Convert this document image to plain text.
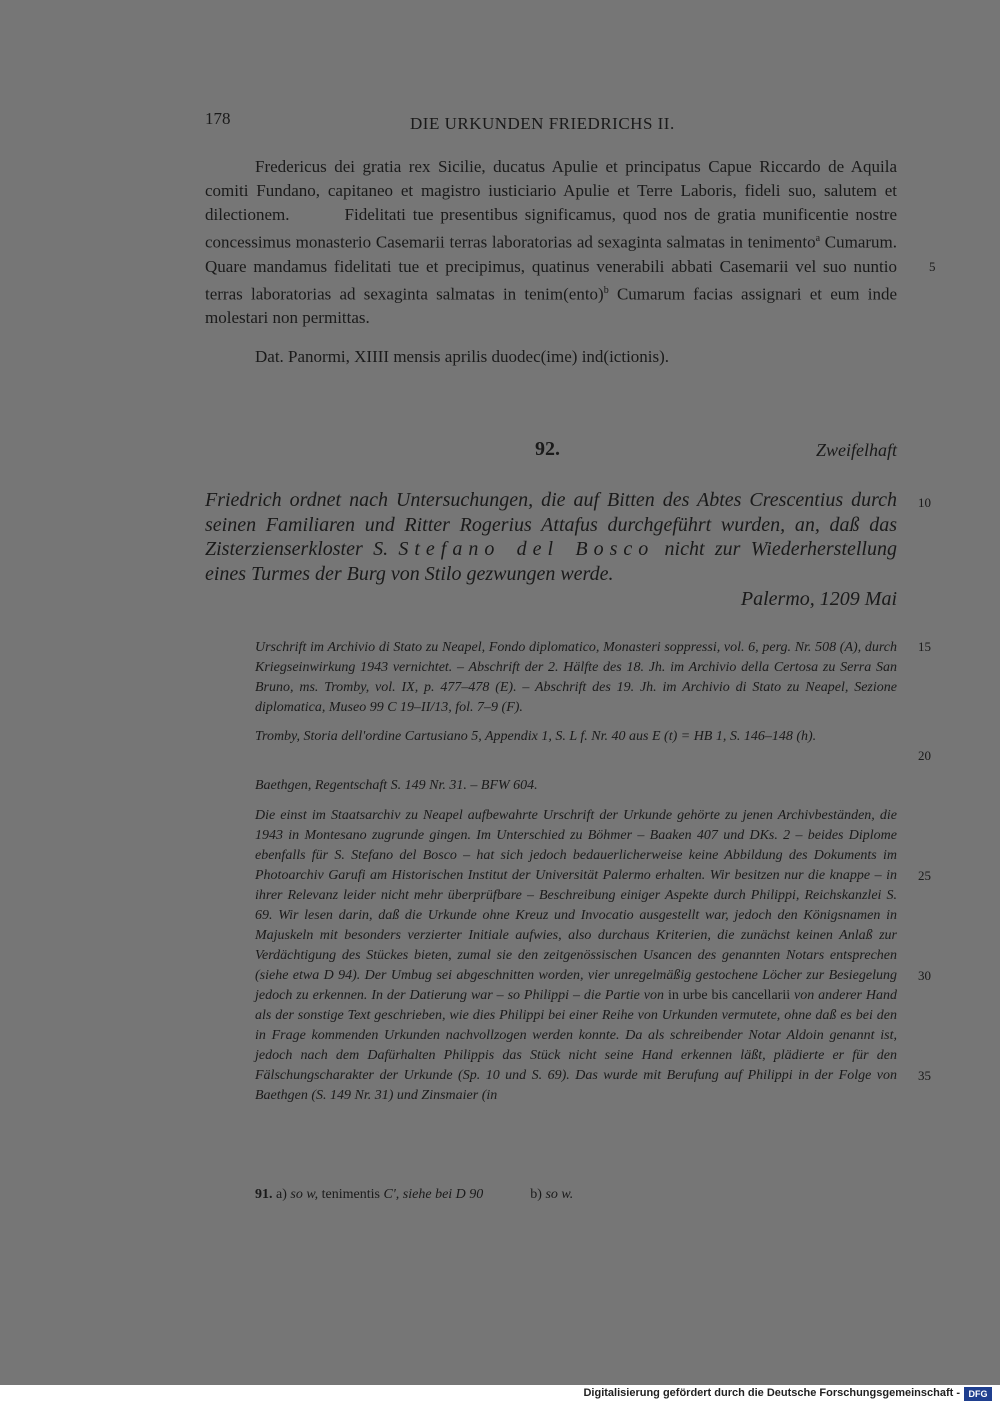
178	DIE URKUNDEN FRIEDRICHS II.

Fredericus dei gratia rex Sicilie, ducatus Apulie et principatus Capue Riccardo de Aquila comiti Fundano, capitaneo et magistro iusticiario Apulie et Terre Laboris, fideli suo, salutem et dilectionem.	Fidelitati tue presentibus significamus, quod nos de gratia munificentie nostre concessimus monasterio Casemarii terras laboratorias ad sexaginta salmatas in tenimento$^a$ Cumarum. Quare mandamus fidelitati tue et precipimus, quatinus venerabili abbati Casemarii vel suo nuntio terras laboratorias ad sexaginta salmatas in tenim(ento)$^b$ Cumarum facias assignari et eum inde molestari non permittas.

Dat. Panormi, XIIII mensis aprilis duodec(ime) ind(ictionis).
92.	Zweifelhaft
Friedrich ordnet nach Untersuchungen, die auf Bitten des Abtes Crescentius durch seinen Familiaren und Ritter Rogerius Attafus durchgeführt wurden, an, daß das Zisterzienserkloster S. Stefano del Bosco nicht zur Wiederherstellung eines Turmes der Burg von Stilo gezwungen werde.
Palermo, 1209 Mai
Urschrift im Archivio di Stato zu Neapel, Fondo diplomatico, Monasteri soppressi, vol. 6, perg. Nr. 508 (A), durch Kriegseinwirkung 1943 vernichtet. – Abschrift der 2. Hälfte des 18. Jh. im Archivio della Certosa zu Serra San Bruno, ms. Tromby, vol. IX, p. 477–478 (E). – Abschrift des 19. Jh. im Archivio di Stato zu Neapel, Sezione diplomatica, Museo 99 C 19–II/13, fol. 7–9 (F).
Tromby, Storia dell'ordine Cartusiano 5, Appendix 1, S. L f. Nr. 40 aus E (t) = HB 1, S. 146–148 (h).
Baethgen, Regentschaft S. 149 Nr. 31. – BFW 604.
Die einst im Staatsarchiv zu Neapel aufbewahrte Urschrift der Urkunde gehörte zu jenen Archivbeständen, die 1943 in Montesano zugrunde gingen. Im Unterschied zu Böhmer – Baaken 407 und DKs. 2 – beides Diplome ebenfalls für S. Stefano del Bosco – hat sich jedoch bedauerlicherweise keine Abbildung des Dokuments im Photoarchiv Garufi am Historischen Institut der Universität Palermo erhalten. Wir besitzen nur die knappe – in ihrer Relevanz leider nicht mehr überprüfbare – Beschreibung einiger Aspekte durch Philippi, Reichskanzlei S. 69. Wir lesen darin, daß die Urkunde ohne Kreuz und Invocatio ausgestellt war, jedoch den Königsnamen in Majuskeln mit besonders verzierter Initiale aufwies, also durchaus Kriterien, die zunächst keinen Anlaß zur Verdächtigung des Stückes bieten, zumal sie den zeitgenössischen Usancen des genannten Notars entsprechen (siehe etwa D 94). Der Umbug sei abgeschnitten worden, vier unregelmäßig gestochene Löcher zur Besiegelung jedoch zu erkennen. In der Datierung war – so Philippi – die Partie von in urbe bis cancellarii von anderer Hand als der sonstige Text geschrieben, wie dies Philippi bei einer Reihe von Urkunden vermutete, ohne daß es bei den in Frage kommenden Urkunden nachvollzogen werden konnte. Da als schreibender Notar Aldoin genannt ist, jedoch nach dem Dafürhalten Philippis das Stück nicht seine Hand erkennen läßt, plädierte er für den Fälschungscharakter der Urkunde (Sp. 10 und S. 69). Das wurde mit Berufung auf Philippi in der Folge von Baethgen (S. 149 Nr. 31) und Zinsmaier (in
5
10
15
20
25
30
35
91. a) so w, tenimentis C', siehe bei D 90	b) so w.
Digitalisierung gefördert durch die Deutsche Forschungsgemeinschaft - DFG
